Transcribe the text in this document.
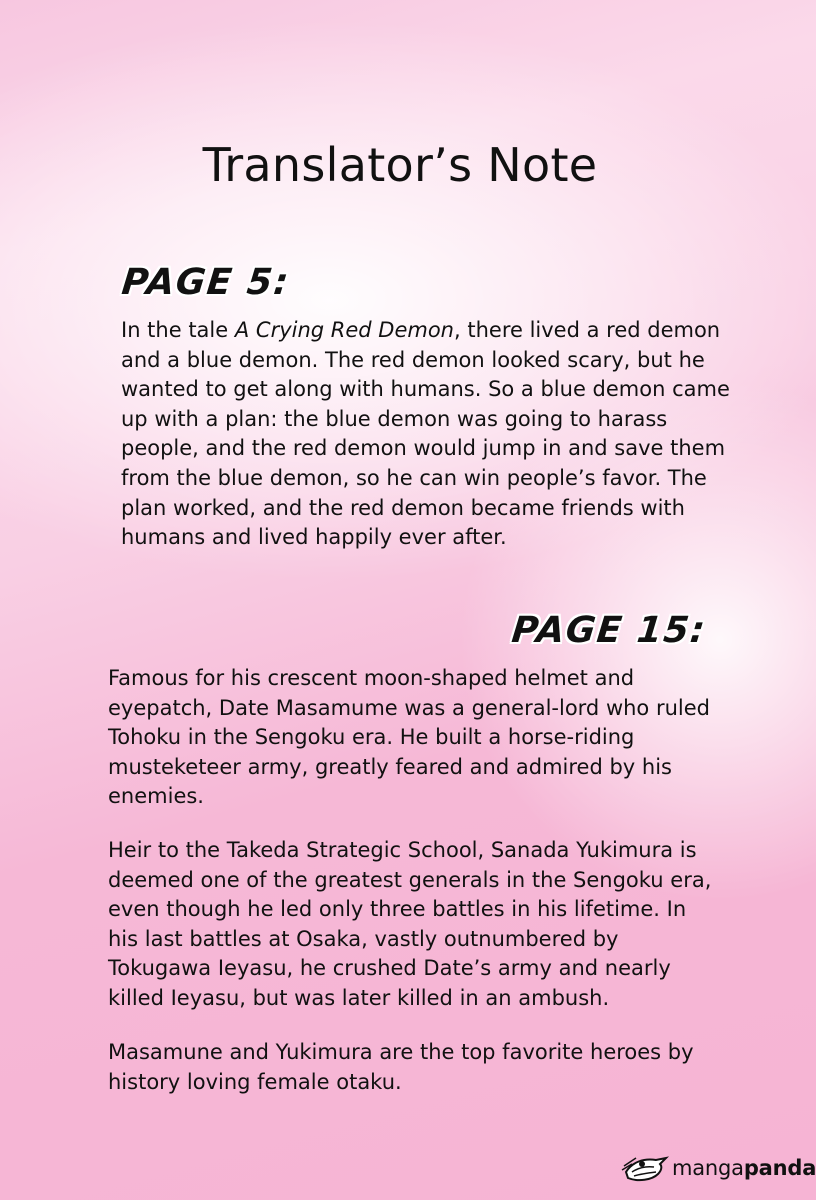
Translator’s Note
PAGE 5:

In the tale A Crying Red Demon, there lived a red demon and a blue demon. The red demon looked scary, but he wanted to get along with humans. So a blue demon came up with a plan: the blue demon was going to harass people, and the red demon would jump in and save them from the blue demon, so he can win people’s favor. The plan worked, and the red demon became friends with humans and lived happily ever after.

PAGE 15:

Famous for his crescent moon-shaped helmet and eyepatch, Date Masamume was a general-lord who ruled Tohoku in the Sengoku era. He built a horse-riding musteketeer army, greatly feared and admired by his enemies.

Heir to the Takeda Strategic School, Sanada Yukimura is deemed one of the greatest generals in the Sengoku era, even though he led only three battles in his lifetime. In his last battles at Osaka, vastly outnumbered by Tokugawa Ieyasu, he crushed Date’s army and nearly killed Ieyasu, but was later killed in an ambush.

Masamune and Yukimura are the top favorite heroes by history loving female otaku.

mangapanda
